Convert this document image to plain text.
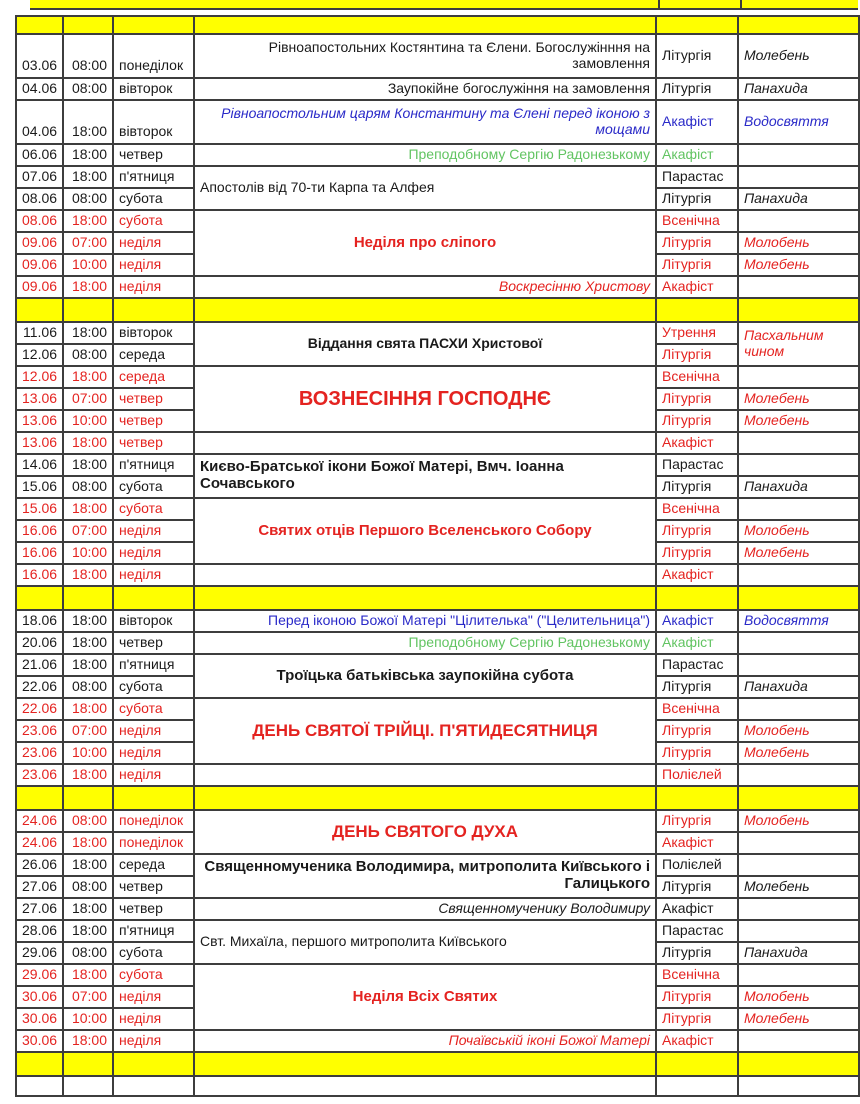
03.06	08:00	понеділок	Рівноапостольних Костянтина та Єлени. Богослужінння на замовлення	Літургія	Молебень
04.06	08:00	вівторок	Заупокійне богослужіння на замовлення	Літургія	Панахида
04.06	18:00	вівторок	Рівноапостольним царям Константину та Єлені перед іконою з мощами	Акафіст	Водосвяття
06.06	18:00	четвер	Преподобному Сергію Радонезькому	Акафіст	
07.06	18:00	п'ятниця	Апостолів від 70-ти Карпа та Алфея	Парастас	
08.06	08:00	субота		Літургія	Панахида
08.06	18:00	субота	Неділя про сліпого	Всенічна	
09.06	07:00	неділя		Літургія	Молобень
09.06	10:00	неділя		Літургія	Молебень
09.06	18:00	неділя	Воскресінню Христову	Акафіст	

11.06	18:00	вівторок	Віддання свята ПАСХИ Христової	Утрення	Пасхальним чином
12.06	08:00	середа		Літургія	
12.06	18:00	середа	ВОЗНЕСІННЯ ГОСПОДНЄ	Всенічна	
13.06	07:00	четвер		Літургія	Молебень
13.06	10:00	четвер		Літургія	Молебень
13.06	18:00	четвер		Акафіст	
14.06	18:00	п'ятниця	Києво-Братської ікони Божої Матері, Вмч. Іоанна Сочавського	Парастас	
15.06	08:00	субота		Літургія	Панахида
15.06	18:00	субота	Святих отців Першого Вселенського Собору	Всенічна	
16.06	07:00	неділя		Літургія	Молобень
16.06	10:00	неділя		Літургія	Молебень
16.06	18:00	неділя		Акафіст	

18.06	18:00	вівторок	Перед іконою Божої Матері "Цілителька" ("Целительница")	Акафіст	Водосвяття
20.06	18:00	четвер	Преподобному Сергію Радонезькому	Акафіст	
21.06	18:00	п'ятниця	Троїцька батьківська заупокійна субота	Парастас	
22.06	08:00	субота		Літургія	Панахида
22.06	18:00	субота	ДЕНЬ СВЯТОЇ ТРІЙЦІ. П'ЯТИДЕСЯТНИЦЯ	Всенічна	
23.06	07:00	неділя		Літургія	Молобень
23.06	10:00	неділя		Літургія	Молебень
23.06	18:00	неділя		Полієлей	

24.06	08:00	понеділок	ДЕНЬ СВЯТОГО ДУХА	Літургія	Молобень
24.06	18:00	понеділок		Акафіст	
26.06	18:00	середа	Священномученика Володимира, митрополита Київського і Галицького	Полієлей	
27.06	08:00	четвер		Літургія	Молебень
27.06	18:00	четвер	Священномученику Володимиру	Акафіст	
28.06	18:00	п'ятниця	Свт. Михаїла, першого митрополита Київського	Парастас	
29.06	08:00	субота		Літургія	Панахида
29.06	18:00	субота	Неділя Всіх Святих	Всенічна	
30.06	07:00	неділя		Літургія	Молобень
30.06	10:00	неділя		Літургія	Молебень
30.06	18:00	неділя	Почаївській іконі Божої Матері	Акафіст	
